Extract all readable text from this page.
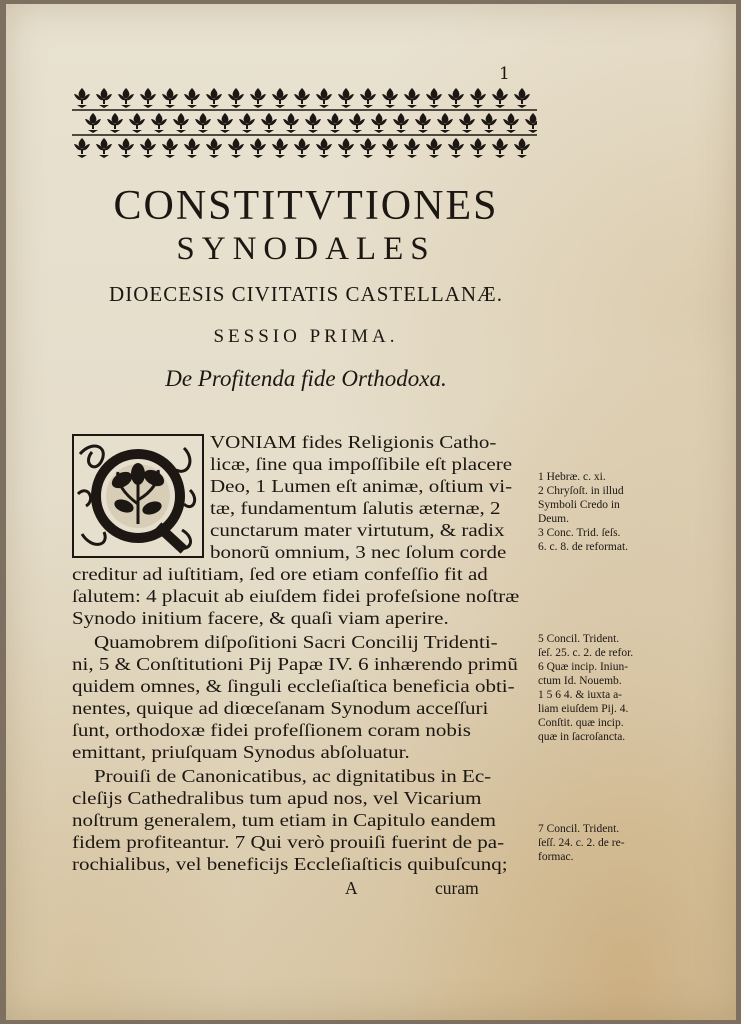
1

CONSTITVTIONES

SYNODALES

DIOECESIS CIVITATIS CASTELLANÆ.

SESSIO PRIMA.

De Profitenda fide Orthodoxa.

VONIAM fides Religionis Catho-

licæ, ſine qua impoſſibile eſt placere

Deo, 1 Lumen eſt animæ, oſtium vi-

tæ, fundamentum ſalutis æternæ, 2

cunctarum mater virtutum, & radix

bonorũ omnium, 3 nec ſolum corde

creditur ad iuſtitiam, ſed ore etiam confeſſio fit ad

ſalutem: 4 placuit ab eiuſdem fidei profeſsione noſtræ

Synodo initium facere, & quaſi viam aperire.

Quamobrem diſpoſitioni Sacri Concilij Tridenti-

ni, 5 & Conſtitutioni Pij Papæ IV. 6 inhærendo primũ

quidem omnes, & ſinguli eccleſiaſtica beneficia obti-

nentes, quique ad diœceſanam Synodum acceſſuri

ſunt, orthodoxæ fidei profeſſionem coram nobis

emittant, priuſquam Synodus abſoluatur.

Prouiſi de Canonicatibus, ac dignitatibus in Ec-

cleſijs Cathedralibus tum apud nos, vel Vicarium

noſtrum generalem, tum etiam in Capitulo eandem

fidem profiteantur. 7 Qui verò prouiſi fuerint de pa-

rochialibus, vel beneficijs Eccleſiaſticis quibuſcunq;

1 Hebræ. c. xi.

2 Chryſoſt. in illud

Symboli Credo in

Deum.

3 Conc. Trid. ſeſs.

6. c. 8. de reformat.

5 Concil. Trident.

ſeſ. 25. c. 2. de refor.

6 Quæ incip. Iniun-

ctum Id. Nouemb.

1 5 6 4. & iuxta a-

liam eiuſdem Pij. 4.

Conſtit. quæ incip.

quæ in ſacroſancta.

7 Concil. Trident.

ſeſſ. 24. c. 2. de re-

formac.

A	curam
